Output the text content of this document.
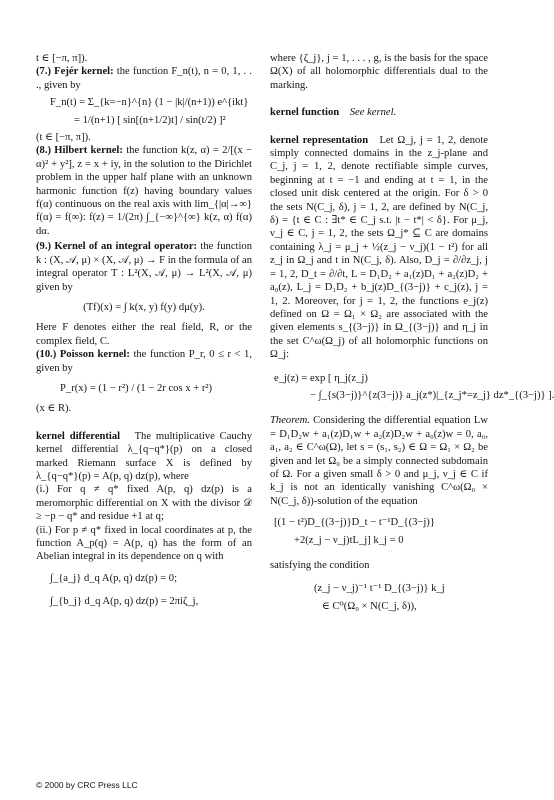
t ∈ [−π, π]).

(7.) Fejér kernel: the function F_n(t), n = 0, 1, . . ., given by

F_n(t) = Σ_{k=−n}^{n} (1 − |k|/(n+1)) e^{ikt}
= 1/(n+1) [ sin[(n+1/2)t] / sin(t/2) ]²

(t ∈ [−π, π]).

(8.) Hilbert kernel: the function k(z, α) = 2/[(x − α)² + y²], z = x + iy, in the solution to the Dirichlet problem in the upper half plane with an unknown harmonic function f(z) having boundary values f(α) continuous on the real axis with lim_{|α|→∞} f(α) = f(∞): f(z) = 1/(2π) ∫_{−∞}^{∞} k(z, α) f(α) dα.

(9.) Kernel of an integral operator: the function k : (X, 𝒜, μ) × (X, 𝒜, μ) → F in the formula of an integral operator T : L²(X, 𝒜, μ) → L²(X, 𝒜, μ) given by

(Tf)(x) = ∫ k(x, y) f(y) dμ(y).

Here F denotes either the real field, R, or the complex field, C.

(10.) Poisson kernel: the function P_r, 0 ≤ r < 1, given by

P_r(x) = (1 − r²) / (1 − 2r cos x + r²)

(x ∈ R).

kernel differential The multiplicative Cauchy kernel differential λ_{q−q*}(p) on a closed marked Riemann surface X is defined by λ_{q−q*}(p) = A(p, q) dz(p), where

(i.) For q ≠ q* fixed A(p, q) dz(p) is a meromorphic differential on X with the divisor 𝒟 ≥ −p − q* and residue +1 at q;

(ii.) For p ≠ q* fixed in local coordinates at p, the function A_p(q) = A(p, q) has the form of an Abelian integral in its dependence on q with

∫_{a_j} d_q A(p, q) dz(p) = 0;
∫_{b_j} d_q A(p, q) dz(p) = 2πiζ_j,

where {ζ_j}, j = 1, . . . , g, is the basis for the space Ω(X) of all holomorphic differentials dual to the marking.

kernel function See kernel.

kernel representation Let Ω_j, j = 1, 2, denote simply connected domains in the z_j-plane and C_j, j = 1, 2, denote rectifiable simple curves, beginning at t = −1 and ending at t = 1, in the closed unit disk centered at the origin. For δ > 0 the sets N(C_j, δ), j = 1, 2, are defined by N(C_j, δ) = {t ∈ C : ∃t* ∈ C_j s.t. |t − t*| < δ}. For μ_j, ν_j ∈ C, j = 1, 2, the sets Ω_j* ⊆ C are domains containing λ_j = μ_j + ½(z_j − ν_j)(1 − t²) for all z_j in Ω_j and t in N(C_j, δ). Also, D_j = ∂/∂z_j, j = 1, 2, D_t = ∂/∂t, L = D₁D₂ + a₁(z)D₁ + a₂(z)D₂ + a₀(z), L_j = D₁D₂ + b_j(z)D_{(3−j)} + c_j(z), j = 1, 2. Moreover, for j = 1, 2, the functions e_j(z) defined on Ω = Ω₁ × Ω₂ are associated with the given elements s_{(3−j)} in Ω_{(3−j)} and η_j in the set C^ω(Ω_j) of all holomorphic functions on Ω_j:

e_j(z) = exp [ η_j(z_j)
− ∫_{s(3−j)}^{z(3−j)} a_j(z*)|_{z_j*=z_j} dz*_{(3−j)} ].

Theorem. Considering the differential equation Lw = D₁D₂w + a₁(z)D₁w + a₂(z)D₂w + a₀(z)w = 0, a₀, a₁, a₂ ∈ C^ω(Ω), let s = (s₁, s₂) ∈ Ω = Ω₁ × Ω₂ be given and let Ω₀ be a simply connected subdomain of Ω. For a given small δ > 0 and μ_j, ν_j ∈ C if k_j is not an identically vanishing C^ω(Ω₀ × N(C_j, δ))-solution of the equation

[(1 − t²)D_{(3−j)}D_t − t⁻¹D_{(3−j)}
+2(z_j − ν_j)tL_j] k_j = 0

satisfying the condition

(z_j − ν_j)⁻¹ t⁻¹ D_{(3−j)} k_j
∈ C⁰(Ω₀ × N(C_j, δ)),
© 2000 by CRC Press LLC
